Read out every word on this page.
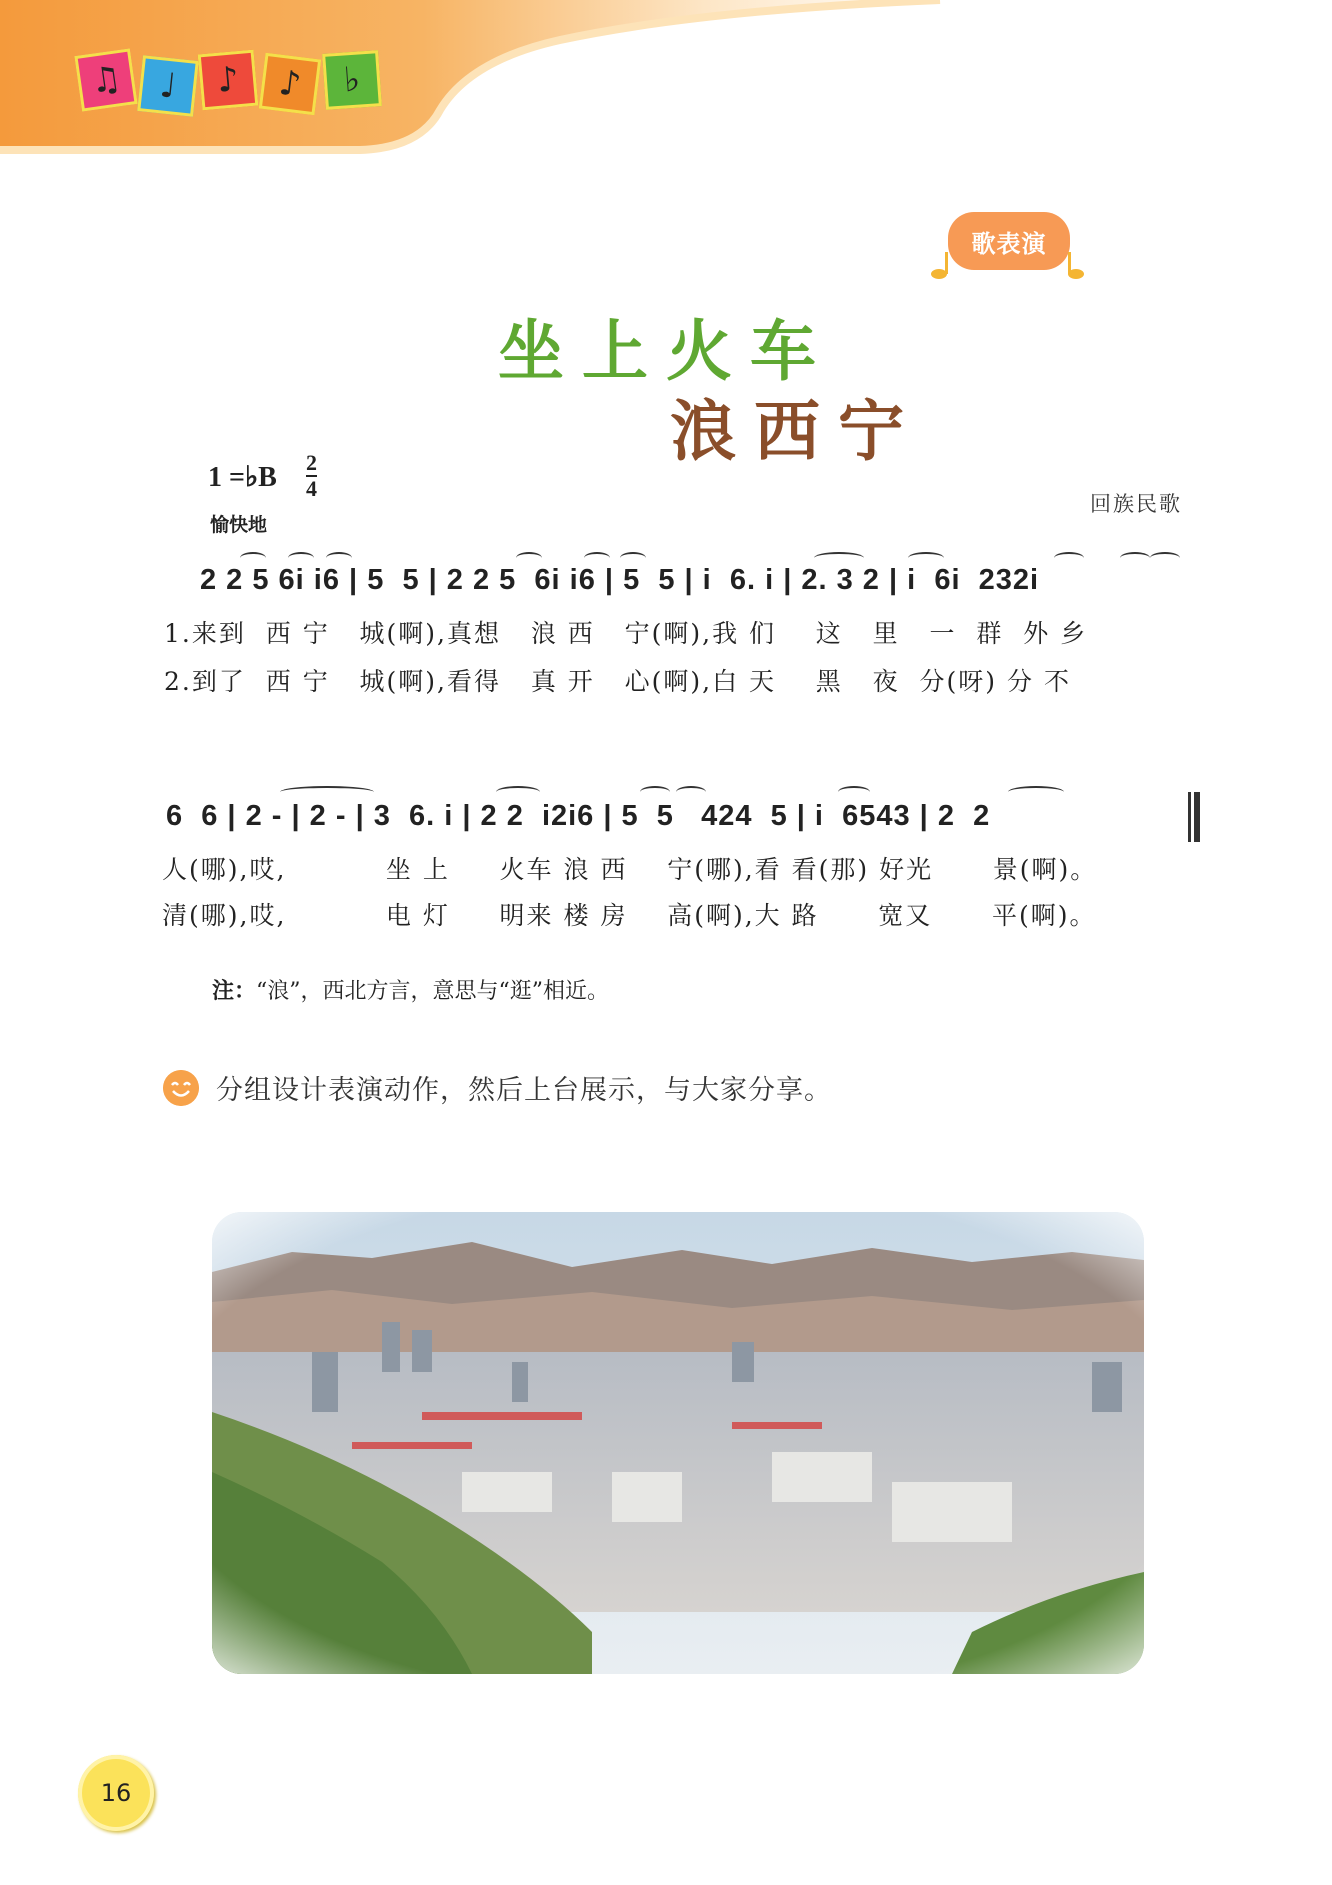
♫ ♩ ♪ ♪ ♭
歌表演
坐上火车
浪西宁
1 =♭B 2
4
愉快地
回族民歌
2 2 5 6i i6 | 5  5 | 2 2 5  6i i6 | 5  5 | i  6. i | 2. 3 2 | i  6i  232i
1.来到  西 宁   城(啊),真想   浪 西   宁(啊),我 们    这   里   一  群  外 乡
2.到了  西 宁   城(啊),看得   真 开   心(啊),白 天    黑   夜  分(呀) 分 不
6  6 | 2 - | 2 - | 3  6. i | 2 2  i2i6 | 5  5   424  5 | i  6543 | 2  2
人(哪),哎,          坐 上     火车 浪 西    宁(哪),看 看(那) 好光      景(啊)。
清(哪),哎,          电 灯     明来 楼 房    高(啊),大 路      宽又      平(啊)。
注：“浪”，西北方言，意思与“逛”相近。
分组设计表演动作，然后上台展示，与大家分享。
16
